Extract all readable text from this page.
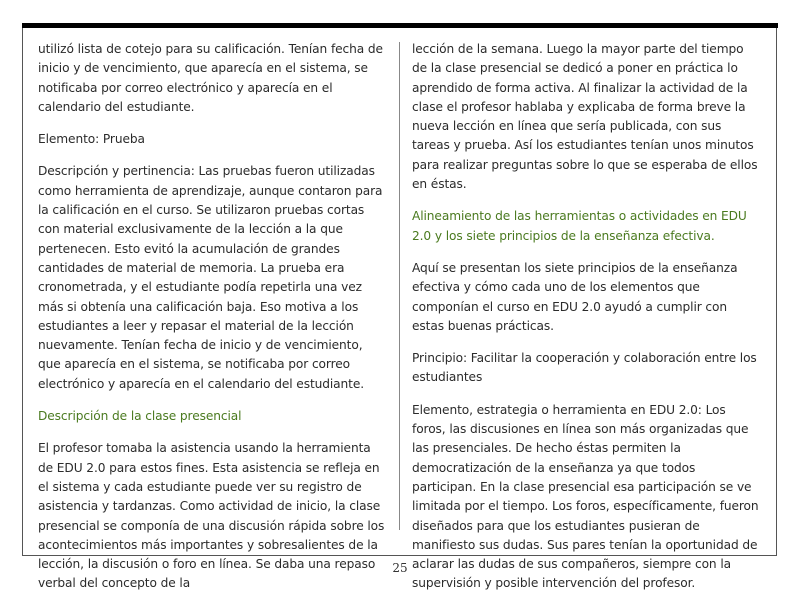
utilizó lista de cotejo para su calificación. Tenían fecha de inicio y de vencimiento, que aparecía en el sistema, se notificaba por correo electrónico y aparecía en el calendario del estudiante.

Elemento: Prueba

Descripción y pertinencia: Las pruebas fueron utilizadas como herramienta de aprendizaje, aunque contaron para la calificación en el curso. Se utilizaron pruebas cortas con material exclusivamente de la lección a la que pertenecen. Esto evitó la acumulación de grandes cantidades de material de memoria. La prueba era cronometrada, y el estudiante podía repetirla una vez más si obtenía una calificación baja. Eso motiva a los estudiantes a leer y repasar el material de la lección nuevamente. Tenían fecha de inicio y de vencimiento, que aparecía en el sistema, se notificaba por correo electrónico y aparecía en el calendario del estudiante.

Descripción de la clase presencial

El profesor tomaba la asistencia usando la herramienta de EDU 2.0 para estos fines. Esta asistencia se refleja en el sistema y cada estudiante puede ver su registro de asistencia y tardanzas. Como actividad de inicio, la clase presencial se componía de una discusión rápida sobre los acontecimientos más importantes y sobresalientes de la lección, la discusión o foro en línea. Se daba una repaso verbal del concepto de la

lección de la semana. Luego la mayor parte del tiempo de la clase presencial se dedicó a poner en práctica lo aprendido de forma activa. Al finalizar la actividad de la clase el profesor hablaba y explicaba de forma breve la nueva lección en línea que sería publicada, con sus tareas y prueba. Así los estudiantes tenían unos minutos para realizar preguntas sobre lo que se esperaba de ellos en éstas.

Alineamiento de las herramientas o actividades en EDU 2.0 y los siete principios de la enseñanza efectiva.

Aquí se presentan los siete principios de la enseñanza efectiva y cómo cada uno de los elementos que componían el curso en EDU 2.0 ayudó a cumplir con estas buenas prácticas.

Principio: Facilitar la cooperación y colaboración entre los estudiantes

Elemento, estrategia o herramienta en EDU 2.0: Los foros, las discusiones en línea son más organizadas que las presenciales. De hecho éstas permiten la democratización de la enseñanza ya que todos participan. En la clase presencial esa participación se ve limitada por el tiempo. Los foros, específicamente, fueron diseñados para que los estudiantes pusieran de manifiesto sus dudas. Sus pares tenían la oportunidad de aclarar las dudas de sus compañeros, siempre con la supervisión y posible intervención del profesor.

25
